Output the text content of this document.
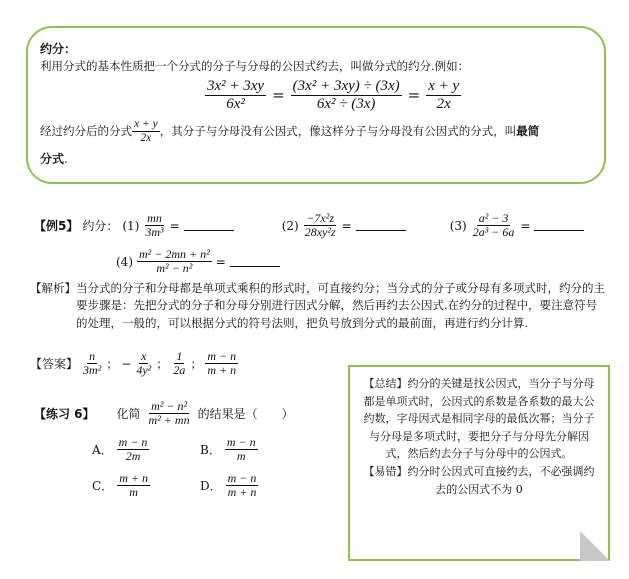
约分：
利用分式的基本性质把一个分式的分子与分母的公因式约去，叫做分式的约分.例如：
$\frac{\text{3x² + 3xy}}{\text{6x²}} = \frac{\text{(3x² + 3xy) ÷ (3x)}}{\text{6x² ÷ (3x)}} = \frac{x + y}{2x}$
经过约分后的分式 $\frac{x + y}{2x}$ ，其分子与分母没有公因式，像这样分子与分母没有公因式的分式，叫 最简
分式.
【例5】 约分： $(1) \frac{mn}{\text{3m³}}$ =	$(2) \frac{\text{−7x²z}}{\text{28xy²z}}$ =	$(3) \frac{\text{a² − 3}}{\text{2a³ − 6a}}$ =
$(4) \frac{\text{m² − 2mn + n²}}{\text{m² − n²}}$ =
【解析】 当分式的分子和分母都是单项式乘积的形式时，可直接约分；当分式的分子或分母有多项式时，约分的主要步骤是：先把分式的分子和分母分别进行因式分解，然后再约去公因式.在约分的过程中，要注意符号的处理，一般的，可以根据分式的符号法则，把负号放到分式的最前面，再进行约分计算.
【答案】 $\frac{n}{\text{3m²}}$ ； − $\frac{x}{\text{4y²}}$ ； $\frac{1}{2a}$ ； $\frac{m - n}{m + n}$
【练习 6】 化简 $\frac{\text{m² − n²}}{\text{m² + mn}}$ 的结果是（　　）
A． $\frac{m - n}{2m}$	B． $\frac{m - n}{m}$
C． $\frac{m + n}{m}$	D． $\frac{m - n}{m + n}$
【总结】约分的关键是找公因式，当分子与分母都是单项式时，公因式的系数是各系数的最大公约数，字母因式是相同字母的最低次幂；当分子与分母是多项式时，要把分子与分母先分解因式，然后约去分子与分母中的公因式。
【易错】约分时公因式可直接约去，不必强调约去的公因式不为 0
